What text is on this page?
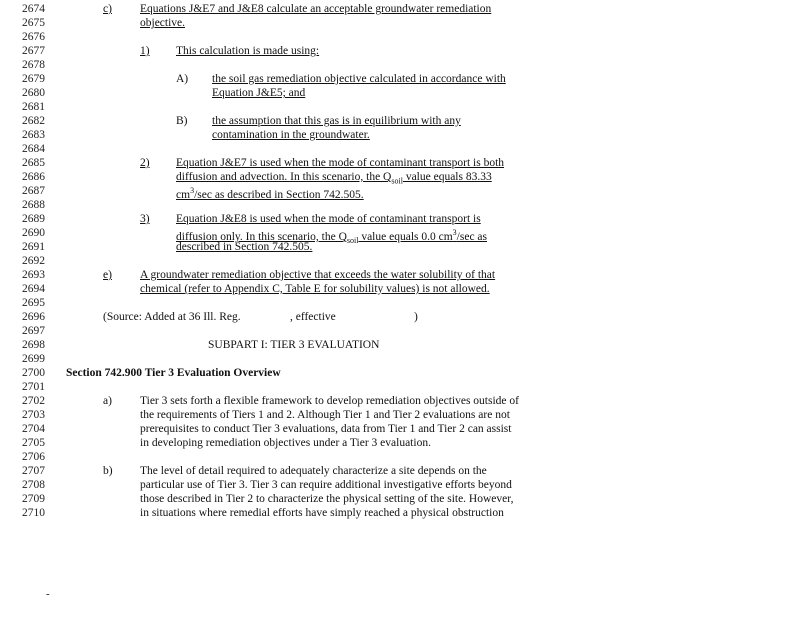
2674
2675
2676
2677
2678
2679
2680
2681
2682
2683
2684
2685
2686
2687
2688
2689
2690
2691
2692
2693
2694
2695
2696
2697
2698
2699
2700
2701
2702
2703
2704
2705
2706
2707
2708
2709
2710
c) Equations J&E7 and J&E8 calculate an acceptable groundwater remediation
objective.
1) This calculation is made using:
A) the soil gas remediation objective calculated in accordance with
Equation J&E5; and
B) the assumption that this gas is in equilibrium with any
contamination in the groundwater.
2) Equation J&E7 is used when the mode of contaminant transport is both
diffusion and advection. In this scenario, the $Q_{soil}$ value equals 83.33
$cm^3/\sec$ as described in Section 742.505.
3) Equation J&E8 is used when the mode of contaminant transport is
diffusion only. In this scenario, the $Q_{soil}$ value equals 0.0 $cm^3/\sec$ as
described in Section 742.505.
e) A groundwater remediation objective that exceeds the water solubility of that
chemical (refer to Appendix C, Table E for solubility values) is not allowed.
(Source: Added at 36 Ill. Reg.	, effective	)
SUBPART I: TIER 3 EVALUATION
Section 742.900 Tier 3 Evaluation Overview
a) Tier 3 sets forth a flexible framework to develop remediation objectives outside of
the requirements of Tiers 1 and 2. Although Tier 1 and Tier 2 evaluations are not
prerequisites to conduct Tier 3 evaluations, data from Tier 1 and Tier 2 can assist
in developing remediation objectives under a Tier 3 evaluation.
b) The level of detail required to adequately characterize a site depends on the
particular use of Tier 3. Tier 3 can require additional investigative efforts beyond
those described in Tier 2 to characterize the physical setting of the site. However,
in situations where remedial efforts have simply reached a physical obstruction
-
